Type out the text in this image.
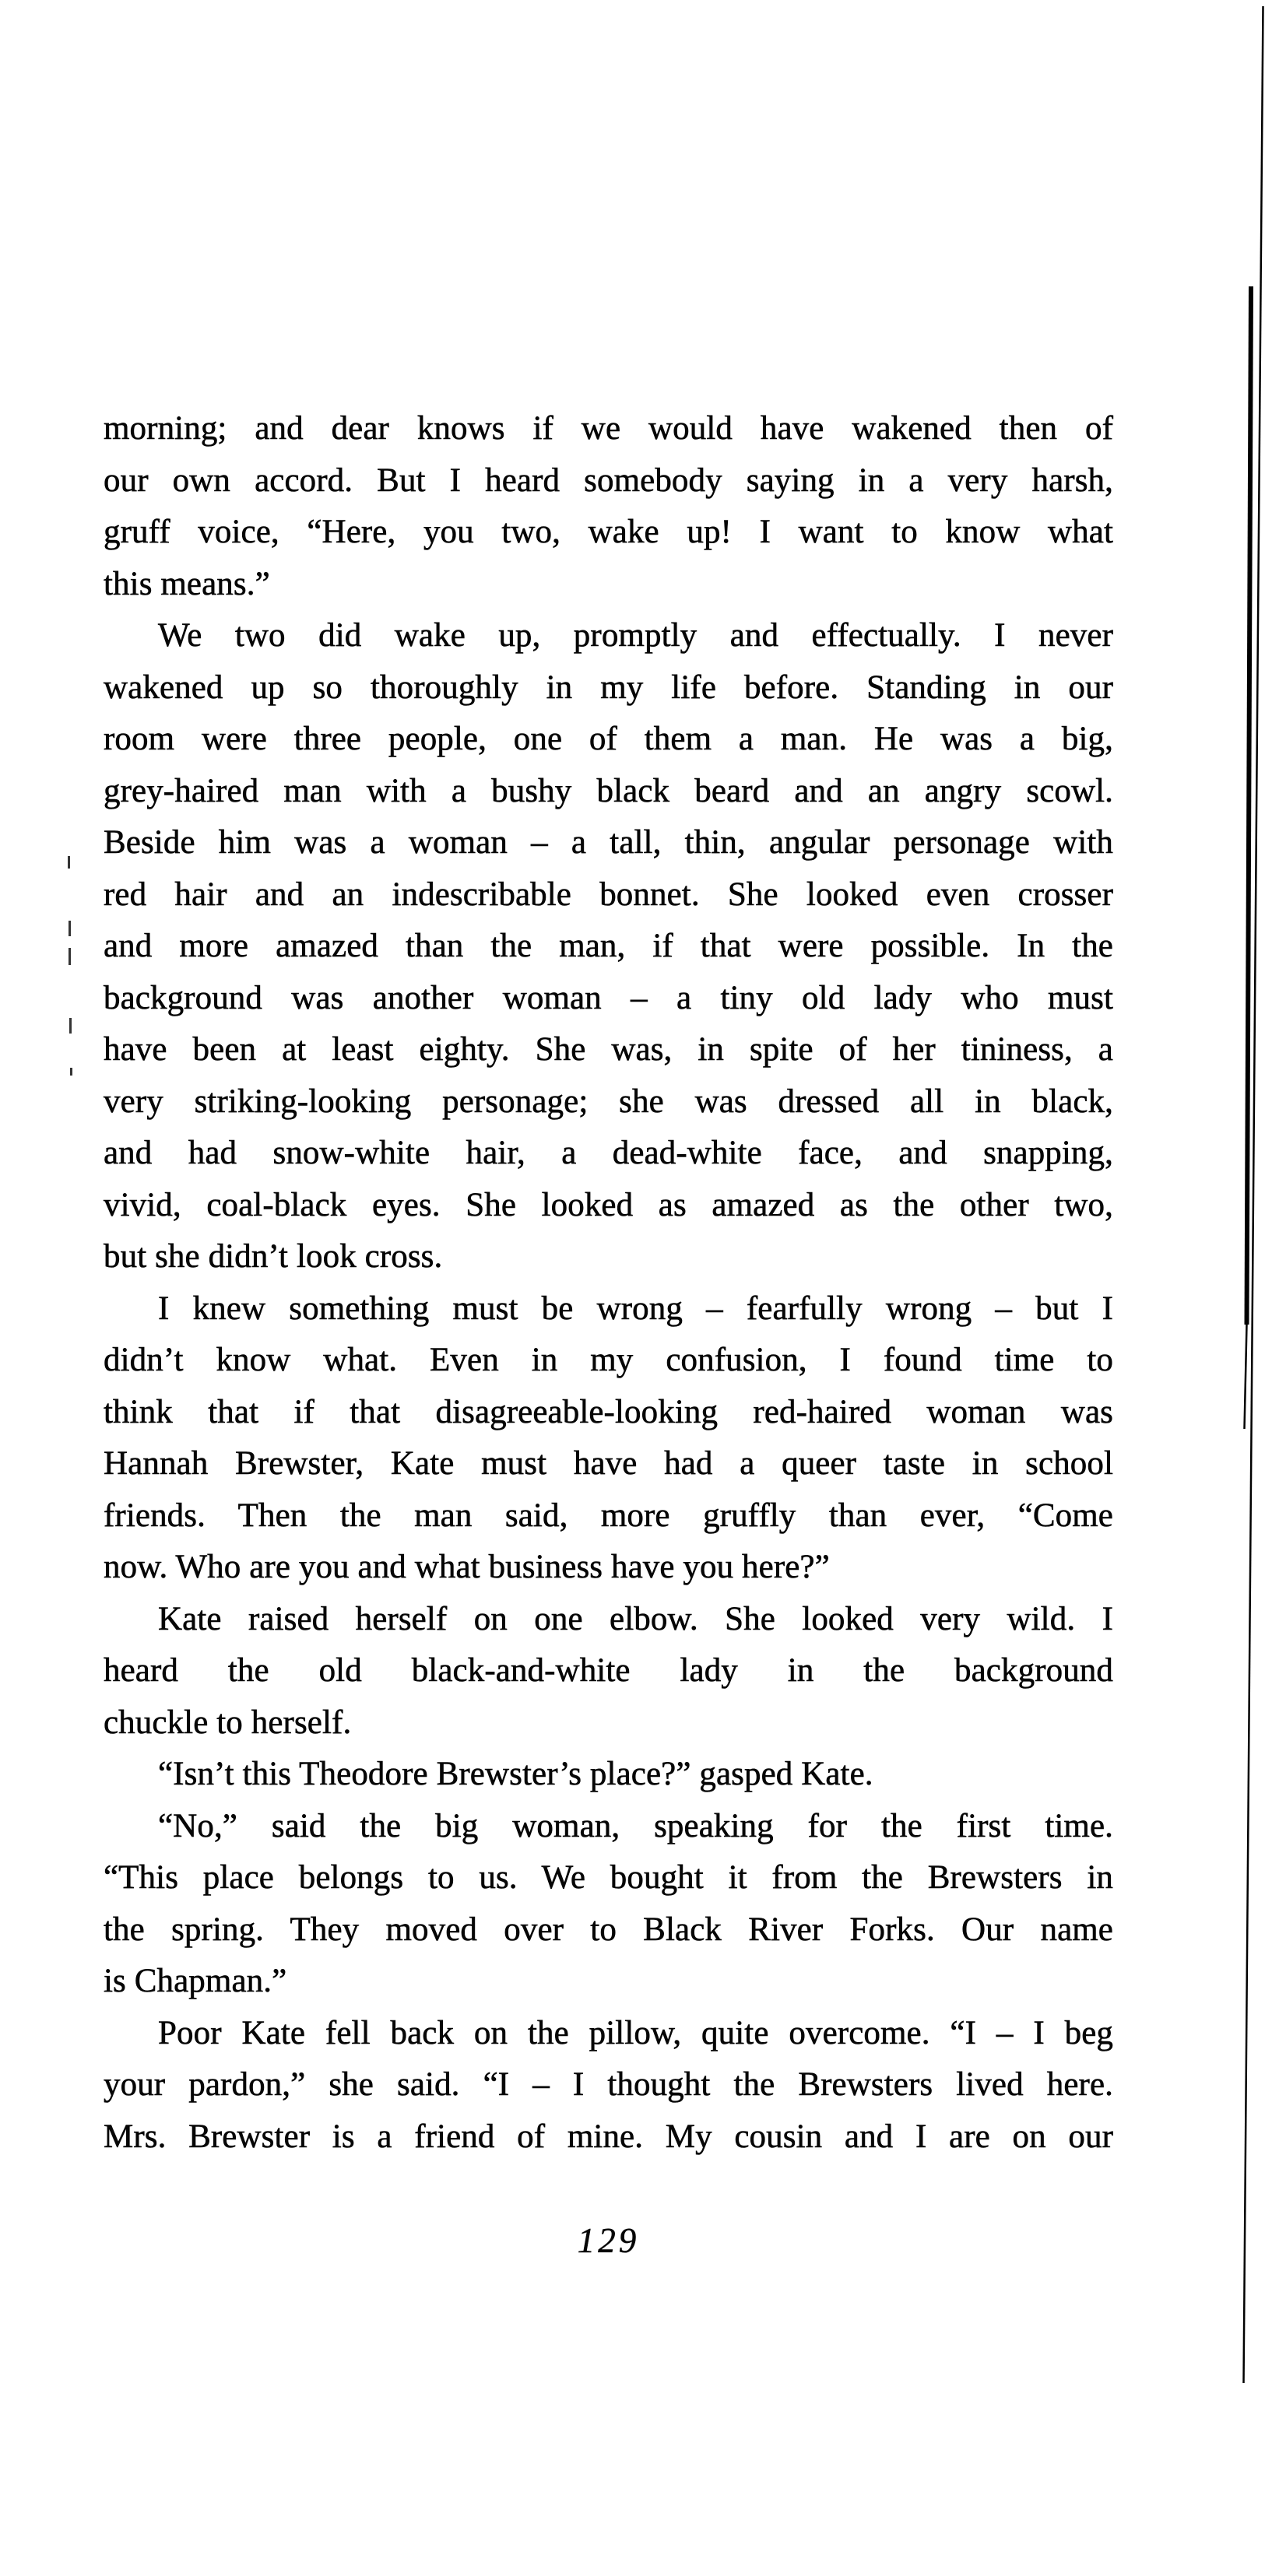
morning; and dear knows if we would have wakened then of
our own accord. But I heard somebody saying in a very harsh,
gruff voice, “Here, you two, wake up! I want to know what
this means.”
We two did wake up, promptly and effectually. I never
wakened up so thoroughly in my life before. Standing in our
room were three people, one of them a man. He was a big,
grey-haired man with a bushy black beard and an angry scowl.
Beside him was a woman – a tall, thin, angular personage with
red hair and an indescribable bonnet. She looked even crosser
and more amazed than the man, if that were possible. In the
background was another woman – a tiny old lady who must
have been at least eighty. She was, in spite of her tininess, a
very striking-looking personage; she was dressed all in black,
and had snow-white hair, a dead-white face, and snapping,
vivid, coal-black eyes. She looked as amazed as the other two,
but she didn’t look cross.
I knew something must be wrong – fearfully wrong – but I
didn’t know what. Even in my confusion, I found time to
think that if that disagreeable-looking red-haired woman was
Hannah Brewster, Kate must have had a queer taste in school
friends. Then the man said, more gruffly than ever, “Come
now. Who are you and what business have you here?”
Kate raised herself on one elbow. She looked very wild. I
heard the old black-and-white lady in the background
chuckle to herself.
“Isn’t this Theodore Brewster’s place?” gasped Kate.
“No,” said the big woman, speaking for the first time.
“This place belongs to us. We bought it from the Brewsters in
the spring. They moved over to Black River Forks. Our name
is Chapman.”
Poor Kate fell back on the pillow, quite overcome. “I – I beg
your pardon,” she said. “I – I thought the Brewsters lived here.
Mrs. Brewster is a friend of mine. My cousin and I are on our
129
